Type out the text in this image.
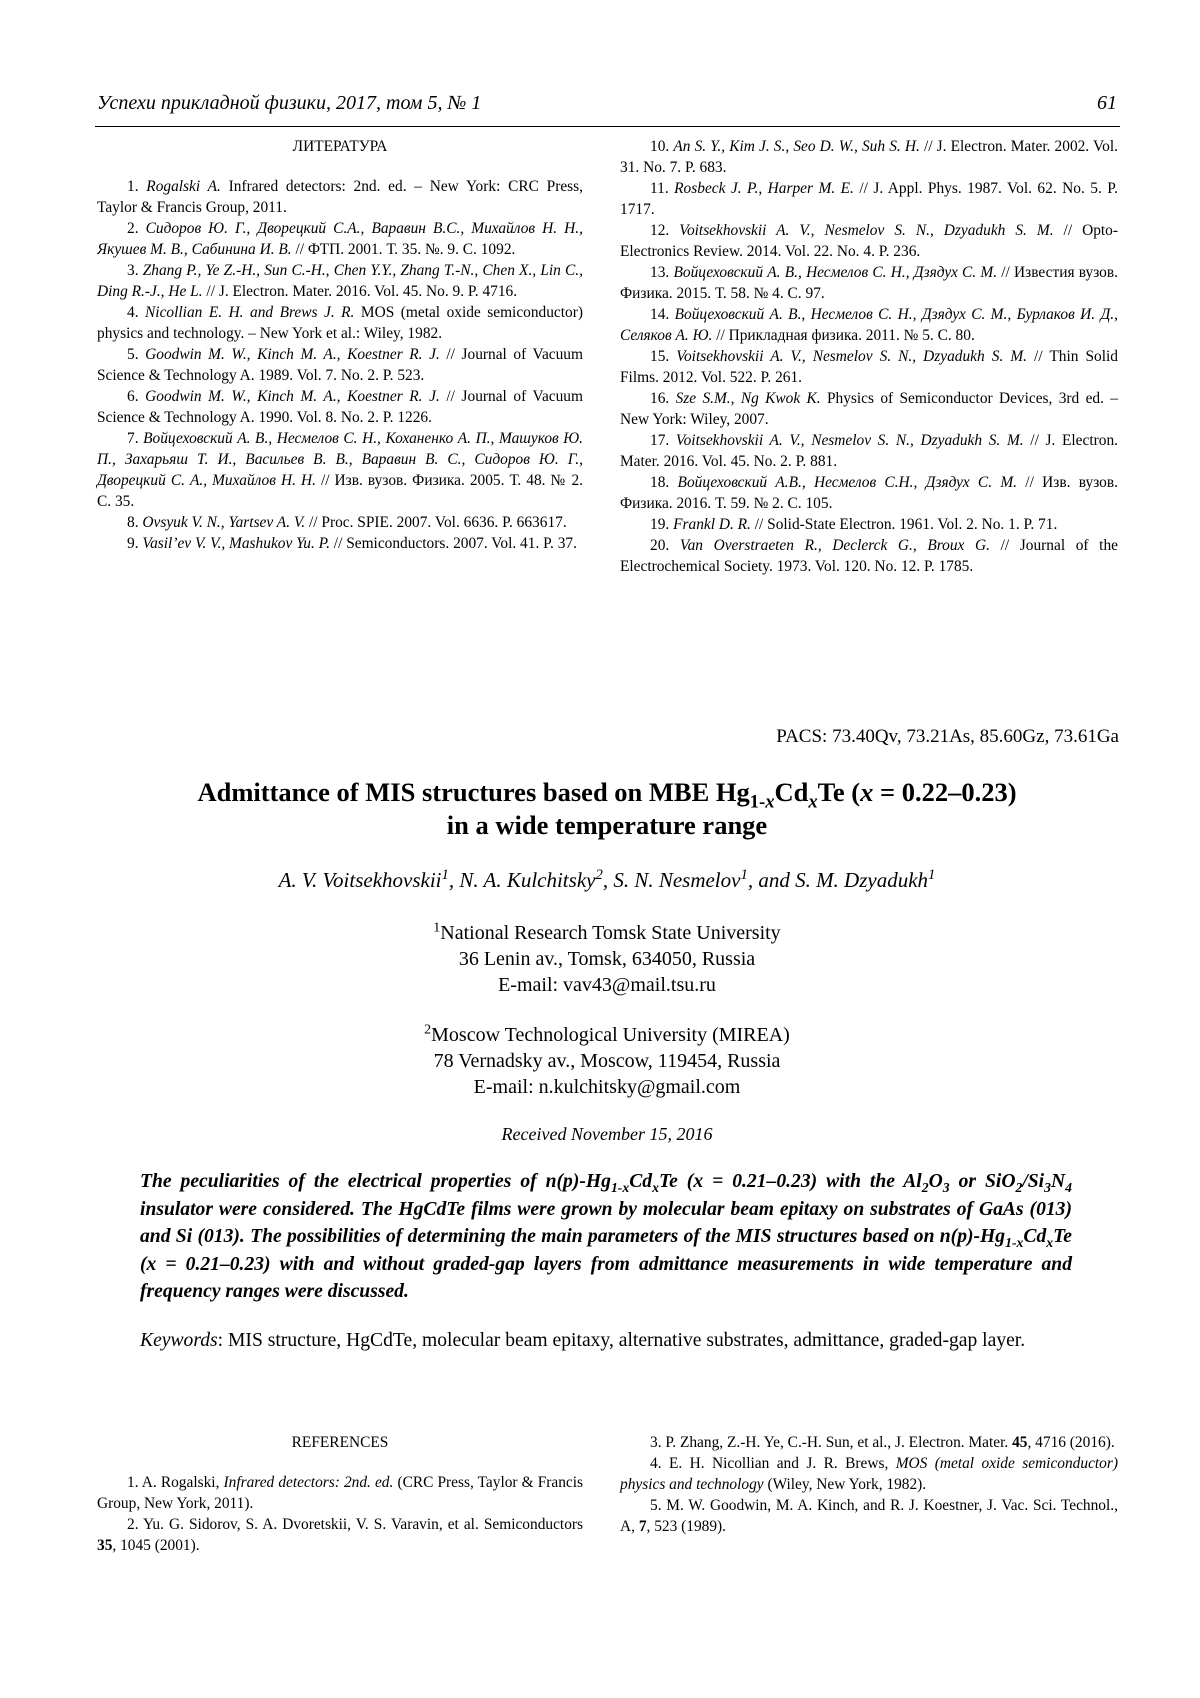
Успехи прикладной физики, 2017, том 5, № 1	61
ЛИТЕРАТУРА

1. Rogalski A. Infrared detectors: 2nd. ed. – New York: CRC Press, Taylor & Francis Group, 2011.

2. Сидоров Ю. Г., Дворецкий С.А., Варавин В.С., Михайлов Н. Н., Якушев М. В., Сабинина И. В. // ФТП. 2001. Т. 35. №. 9. С. 1092.

3. Zhang P., Ye Z.-H., Sun C.-H., Chen Y.Y., Zhang T.-N., Chen X., Lin C., Ding R.-J., He L. // J. Electron. Mater. 2016. Vol. 45. No. 9. P. 4716.

4. Nicollian E. H. and Brews J. R. MOS (metal oxide semiconductor) physics and technology. – New York et al.: Wiley, 1982.

5. Goodwin M. W., Kinch M. A., Koestner R. J. // Journal of Vacuum Science & Technology A. 1989. Vol. 7. No. 2. P. 523.

6. Goodwin M. W., Kinch M. A., Koestner R. J. // Journal of Vacuum Science & Technology A. 1990. Vol. 8. No. 2. P. 1226.

7. Войцеховский А. В., Несмелов С. Н., Коханенко А. П., Машуков Ю. П., Захарьяш Т. И., Васильев В. В., Варавин В. С., Сидоров Ю. Г., Дворецкий С. А., Михайлов Н. Н. // Изв. вузов. Физика. 2005. Т. 48. № 2. С. 35.

8. Ovsyuk V. N., Yartsev A. V. // Proc. SPIE. 2007. Vol. 6636. P. 663617.

9. Vasil’ev V. V., Mashukov Yu. P. // Semiconductors. 2007. Vol. 41. P. 37.

10. An S. Y., Kim J. S., Seo D. W., Suh S. H. // J. Electron. Mater. 2002. Vol. 31. No. 7. P. 683.

11. Rosbeck J. P., Harper M. E. // J. Appl. Phys. 1987. Vol. 62. No. 5. P. 1717.

12. Voitsekhovskii A. V., Nesmelov S. N., Dzyadukh S. M. // Opto-Electronics Review. 2014. Vol. 22. No. 4. P. 236.

13. Войцеховский А. В., Несмелов С. Н., Дзядух С. М. // Известия вузов. Физика. 2015. Т. 58. № 4. С. 97.

14. Войцеховский А. В., Несмелов С. Н., Дзядух С. М., Бурлаков И. Д., Селяков А. Ю. // Прикладная физика. 2011. № 5. С. 80.

15. Voitsekhovskii A. V., Nesmelov S. N., Dzyadukh S. M. // Thin Solid Films. 2012. Vol. 522. P. 261.

16. Sze S.M., Ng Kwok K. Physics of Semiconductor Devices, 3rd ed. – New York: Wiley, 2007.

17. Voitsekhovskii A. V., Nesmelov S. N., Dzyadukh S. M. // J. Electron. Mater. 2016. Vol. 45. No. 2. P. 881.

18. Войцеховский А.В., Несмелов С.Н., Дзядух С. М. // Изв. вузов. Физика. 2016. Т. 59. № 2. С. 105.

19. Frankl D. R. // Solid-State Electron. 1961. Vol. 2. No. 1. P. 71.

20. Van Overstraeten R., Declerck G., Broux G. // Journal of the Electrochemical Society. 1973. Vol. 120. No. 12. P. 1785.

PACS: 73.40Qv, 73.21As, 85.60Gz, 73.61Ga
Admittance of MIS structures based on MBE $Hg_{1-x}Cd_xTe$ (x = 0.22–0.23)
in a wide temperature range
A. V. Voitsekhovskii$^1$, N. A. Kulchitsky$^2$, S. N. Nesmelov$^1$, and S. M. Dzyadukh$^1$
$^1$National Research Tomsk State University
36 Lenin av., Tomsk, 634050, Russia
E-mail: vav43@mail.tsu.ru
$^2$Moscow Technological University (MIREA)
78 Vernadsky av., Moscow, 119454, Russia
E-mail: n.kulchitsky@gmail.com
Received November 15, 2016
The peculiarities of the electrical properties of $n(p)-Hg_{1-x}Cd_xTe$ (x = 0.21–0.23) with the $Al_2O_3$ or $SiO_2/Si_3N_4$ insulator were considered. The HgCdTe films were grown by molecular beam epitaxy on substrates of GaAs (013) and Si (013). The possibilities of determining the main parameters of the MIS structures based on $n(p)-Hg_{1-x}Cd_xTe$ (x = 0.21–0.23) with and without graded-gap layers from admittance measurements in wide temperature and frequency ranges were discussed.
Keywords: MIS structure, HgCdTe, molecular beam epitaxy, alternative substrates, admittance, graded-gap layer.
REFERENCES

1. A. Rogalski, Infrared detectors: 2nd. ed. (CRC Press, Taylor & Francis Group, New York, 2011).

2. Yu. G. Sidorov, S. A. Dvoretskii, V. S. Varavin, et al. Semiconductors 35, 1045 (2001).

3. P. Zhang, Z.-H. Ye, C.-H. Sun, et al., J. Electron. Mater. 45, 4716 (2016).

4. E. H. Nicollian and J. R. Brews, MOS (metal oxide semiconductor) physics and technology (Wiley, New York, 1982).

5. M. W. Goodwin, M. A. Kinch, and R. J. Koestner, J. Vac. Sci. Technol., A, 7, 523 (1989).
